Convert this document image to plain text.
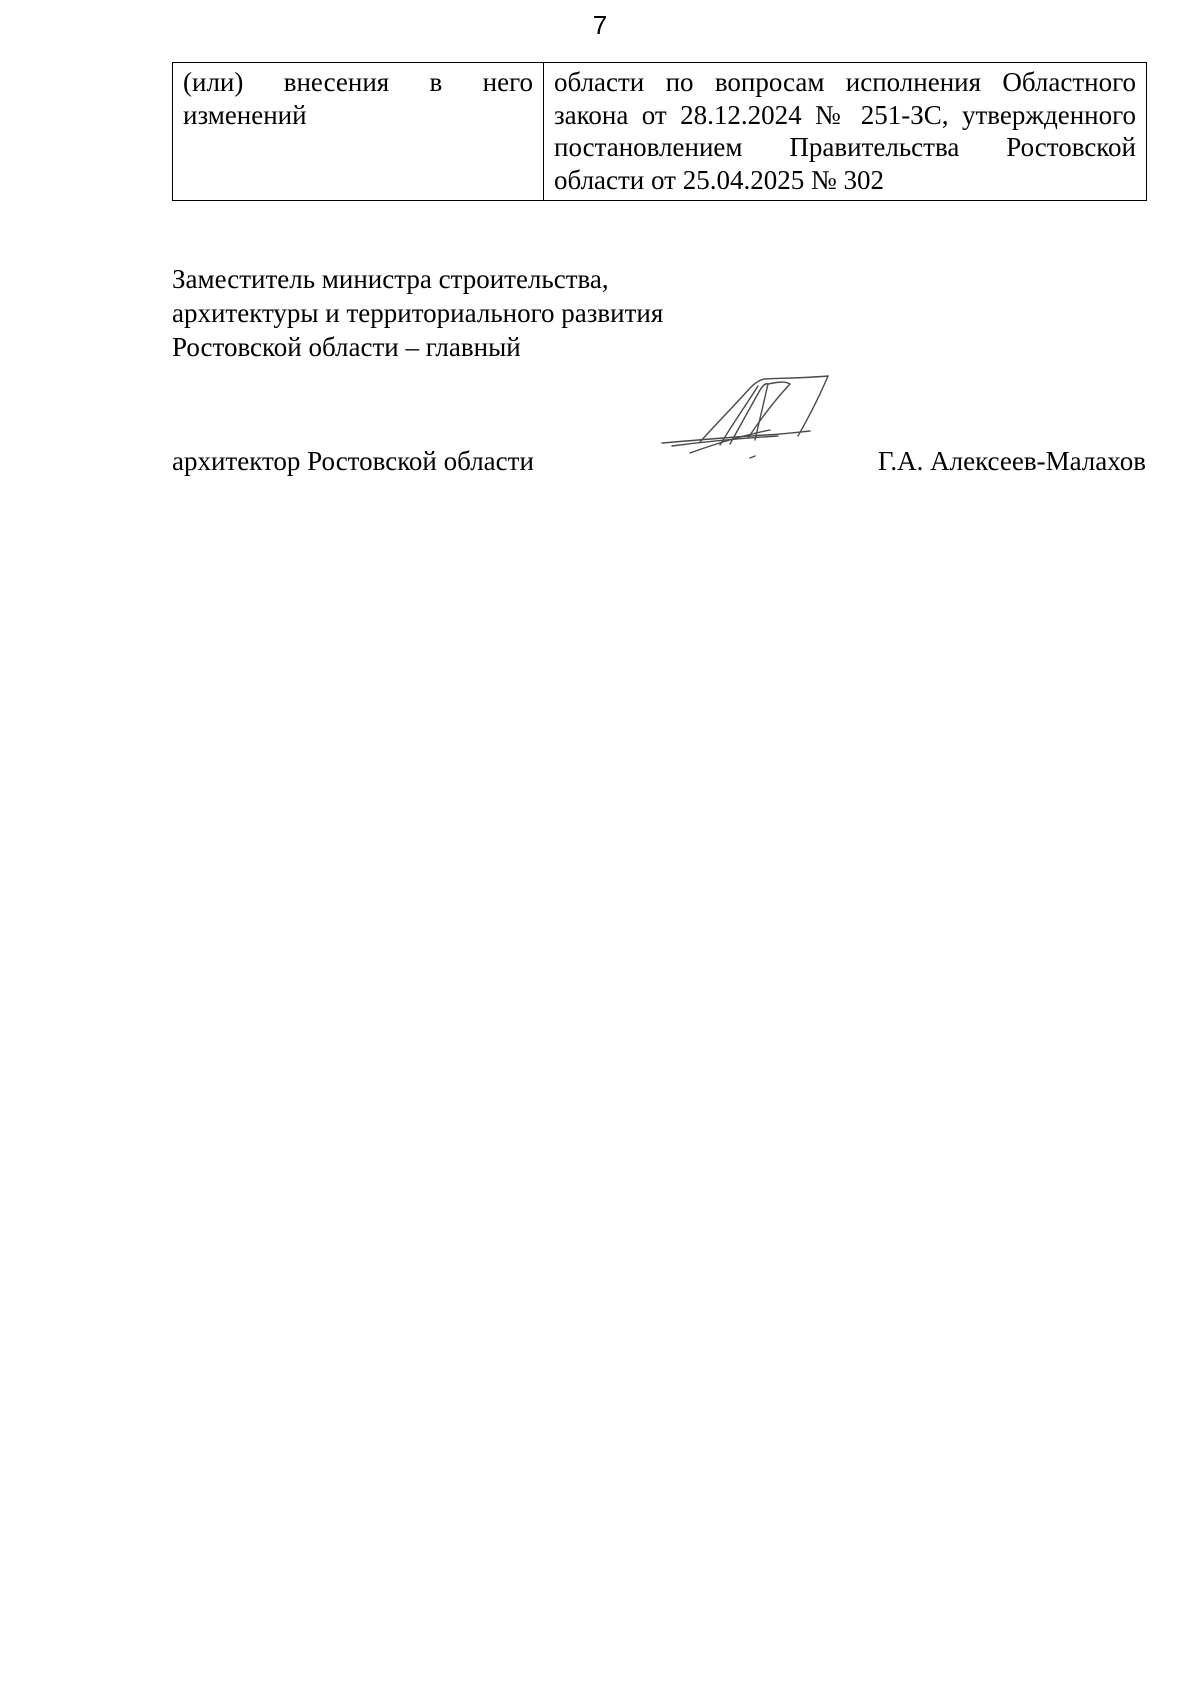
7
(или) внесения в него
изменений	области по вопросам исполнения Областного закона от 28.12.2024 № 251-ЗС, утвержденного постановлением Правительства Ростовской области от 25.04.2025 № 302
Заместитель министра строительства,
архитектуры и территориального развития
Ростовской области – главный
архитектор Ростовской области	Г.А. Алексеев-Малахов
